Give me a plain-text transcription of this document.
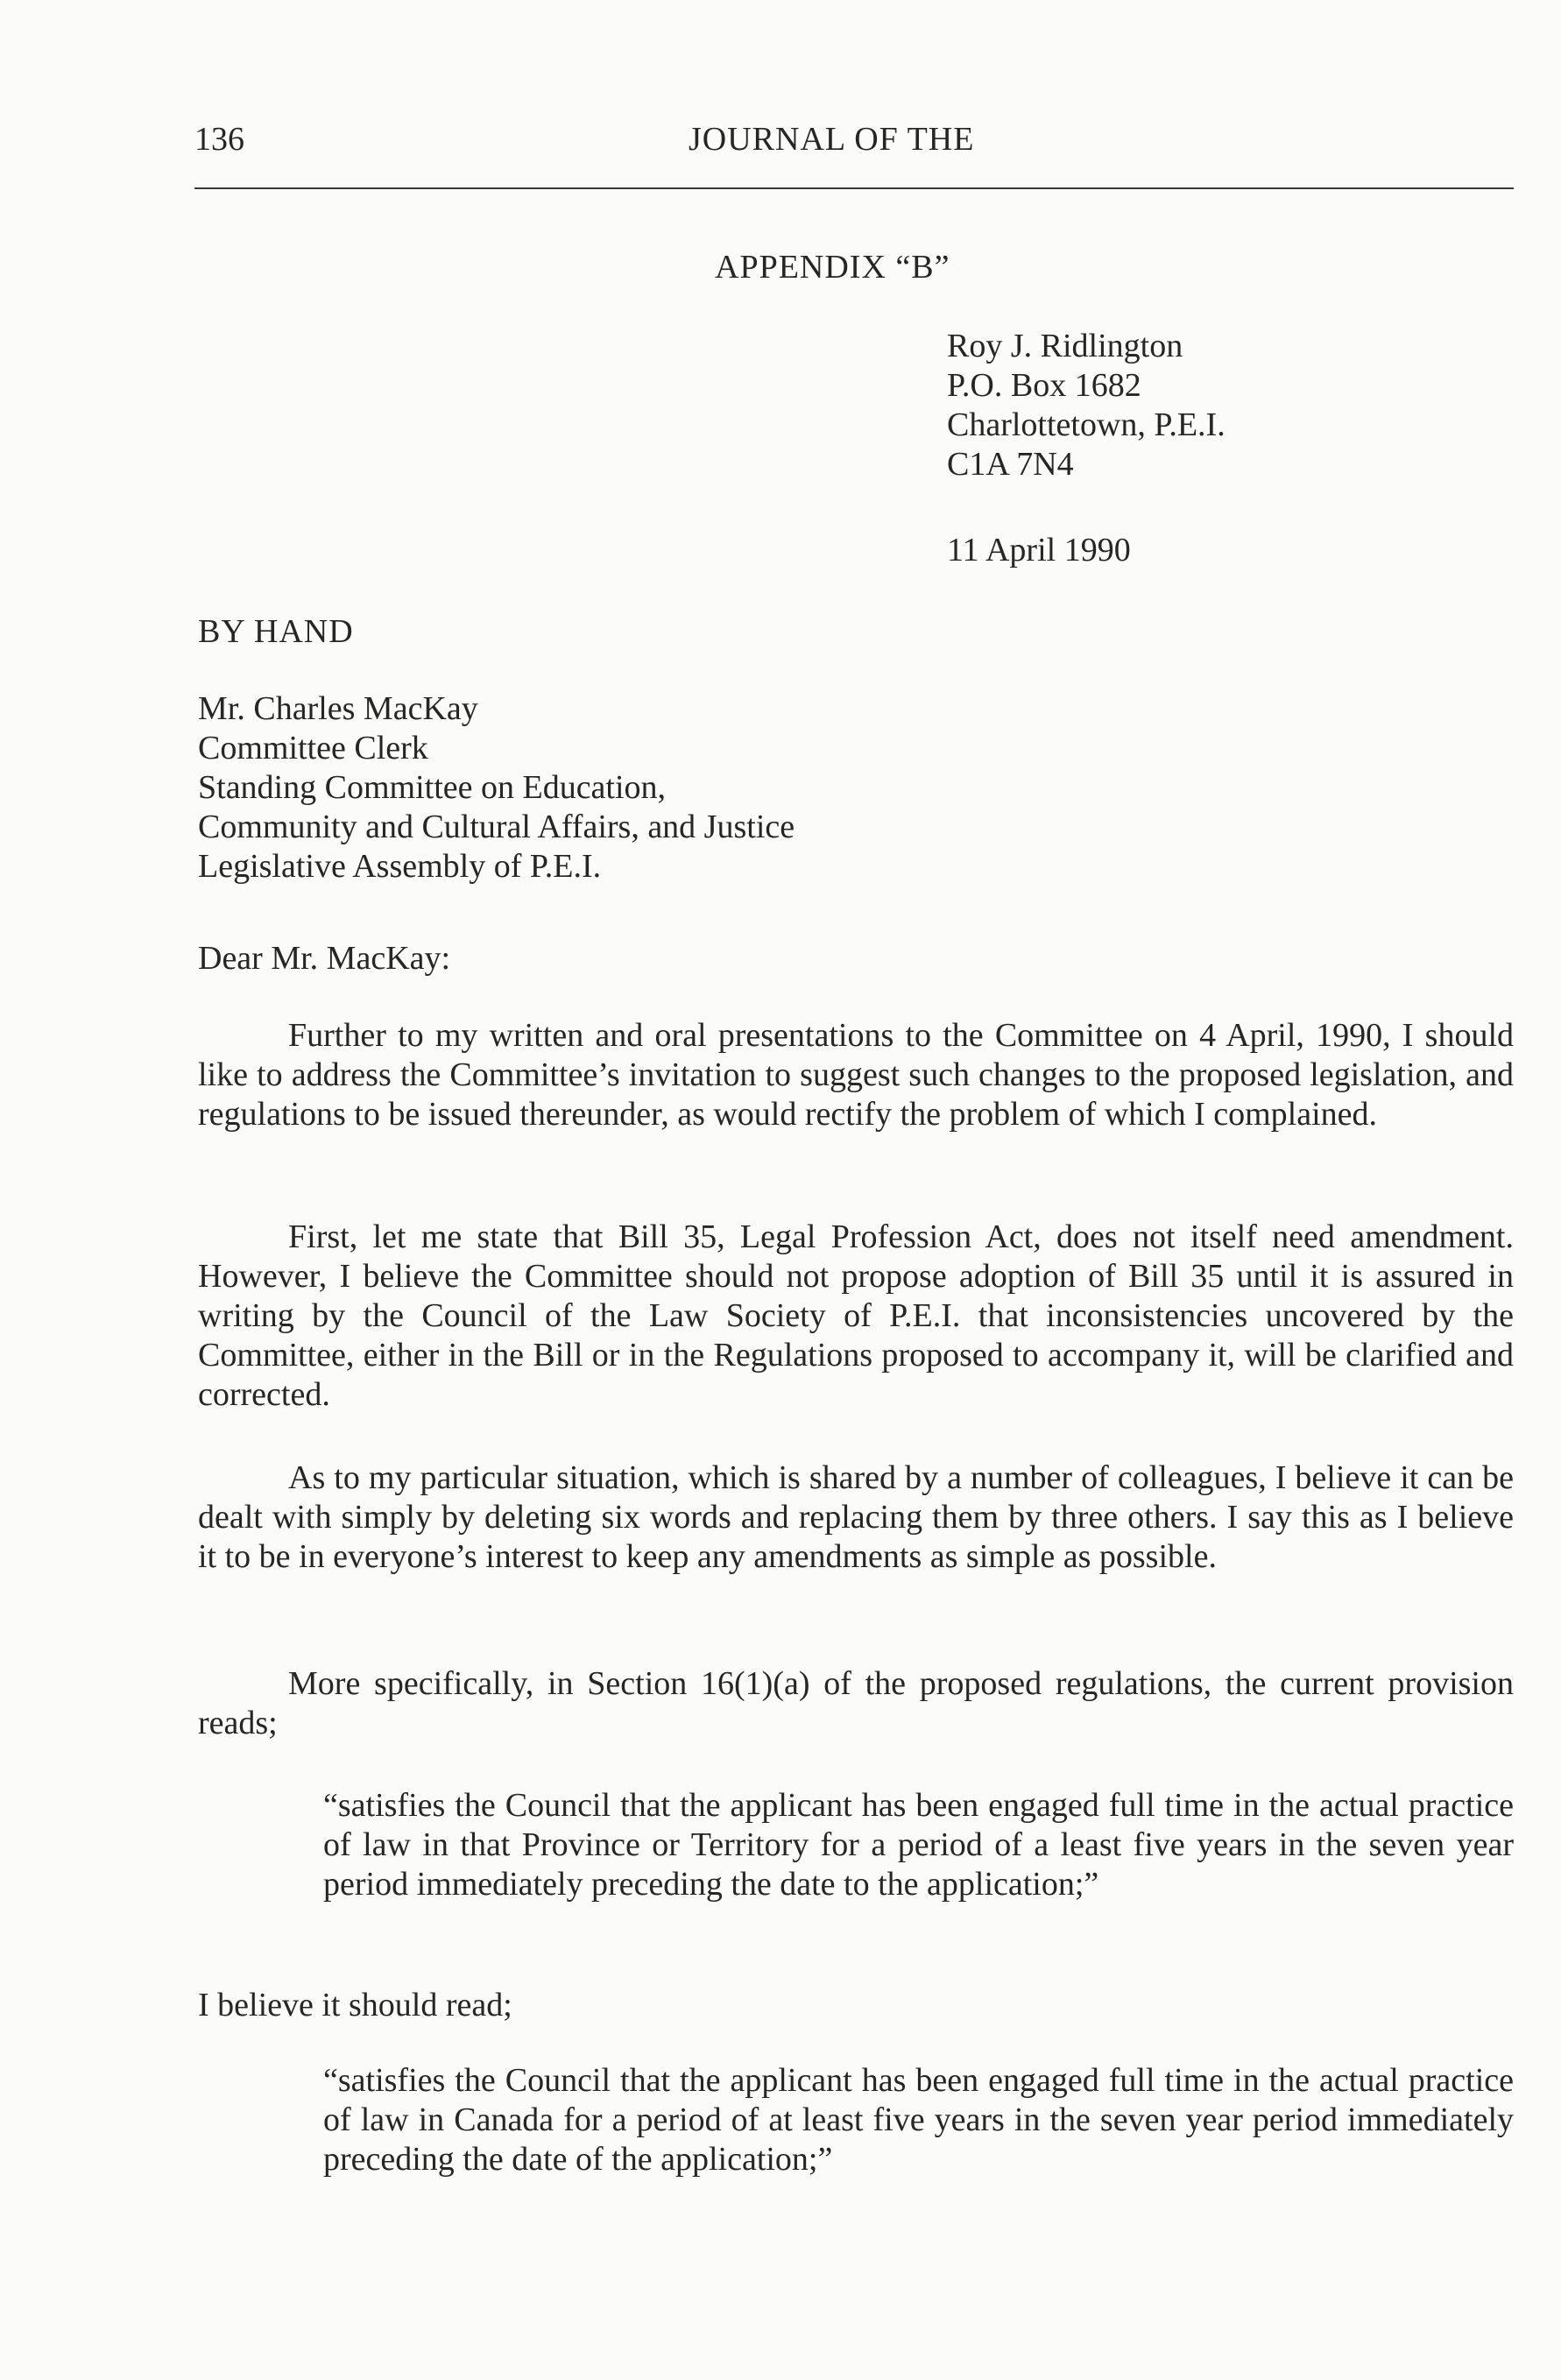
136	JOURNAL OF THE
APPENDIX “B”
Roy J. Ridlington
P.O. Box 1682
Charlottetown, P.E.I.
C1A 7N4
11 April 1990
BY HAND
Mr. Charles MacKay
Committee Clerk
Standing Committee on Education,
Community and Cultural Affairs, and Justice
Legislative Assembly of P.E.I.
Dear Mr. MacKay:

Further to my written and oral presentations to the Committee on 4 April, 1990, I should like to address the Committee’s invitation to suggest such changes to the proposed legislation, and regulations to be issued thereunder, as would rectify the problem of which I complained.

First, let me state that Bill 35, Legal Profession Act, does not itself need amendment. However, I believe the Committee should not propose adoption of Bill 35 until it is assured in writing by the Council of the Law Society of P.E.I. that inconsistencies uncovered by the Committee, either in the Bill or in the Regulations proposed to accompany it, will be clarified and corrected.

As to my particular situation, which is shared by a number of colleagues, I believe it can be dealt with simply by deleting six words and replacing them by three others. I say this as I believe it to be in everyone’s interest to keep any amendments as simple as possible.

More specifically, in Section 16(1)(a) of the proposed regulations, the current provision reads;

“satisfies the Council that the applicant has been engaged full time in the actual practice of law in that Province or Territory for a period of a least five years in the seven year period immediately preceding the date to the application;”

I believe it should read;

“satisfies the Council that the applicant has been engaged full time in the actual practice of law in Canada for a period of at least five years in the seven year period immediately preceding the date of the application;”
